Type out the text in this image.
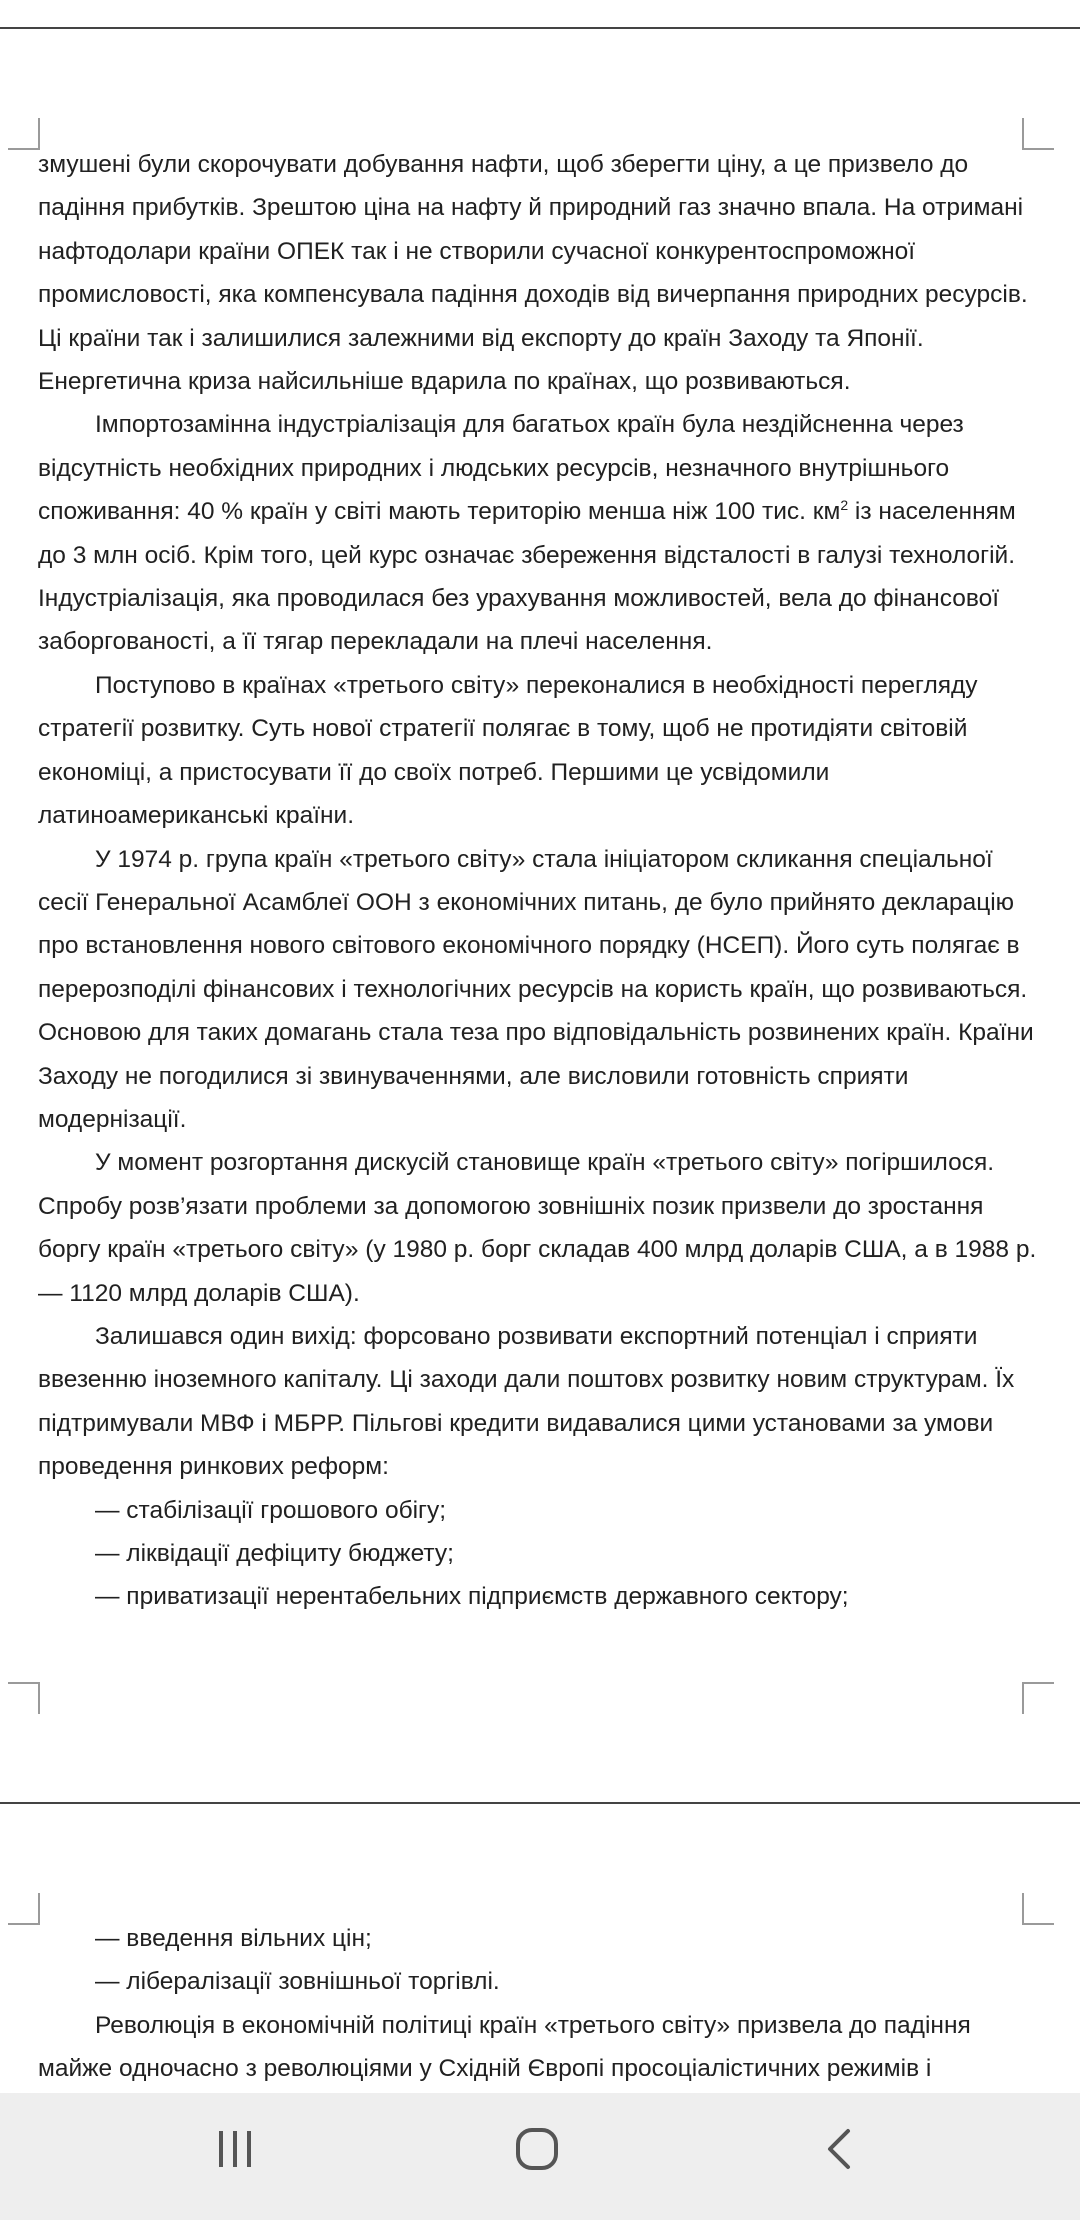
змушені були скорочувати добування нафти, щоб зберегти ціну, а це призвело до падіння прибутків. Зрештою ціна на нафту й природний газ значно впала. На отримані нафтодолари країни ОПЕК так і не створили сучасної конкурентоспроможної промисловості, яка компенсувала падіння доходів від вичерпання природних ресурсів. Ці країни так і залишилися залежними від експорту до країн Заходу та Японії. Енергетична криза найсильніше вдарила по країнах, що розвиваються.

Імпортозамінна індустріалізація для багатьох країн була нездійсненна через відсутність необхідних природних і людських ресурсів, незначного внутрішнього споживання: 40 % країн у світі мають територію менша ніж 100 тис. $км^2$ із населенням до 3 млн осіб. Крім того, цей курс означає збереження відсталості в галузі технологій. Індустріалізація, яка проводилася без урахування можливостей, вела до фінансової заборгованості, а її тягар перекладали на плечі населення.

Поступово в країнах «третього світу» переконалися в необхідності перегляду стратегії розвитку. Суть нової стратегії полягає в тому, щоб не протидіяти світовій економіці, а пристосувати її до своїх потреб. Першими це усвідомили латиноамериканські країни.

У 1974 р. група країн «третього світу» стала ініціатором скликання спеціальної сесії Генеральної Асамблеї ООН з економічних питань, де було прийнято декларацію про встановлення нового світового економічного порядку (НСЕП). Його суть полягає в перерозподілі фінансових і технологічних ресурсів на користь країн, що розвиваються. Основою для таких домагань стала теза про відповідальність розвинених країн. Країни Заходу не погодилися зі звинуваченнями, але висловили готовність сприяти модернізації.

У момент розгортання дискусій становище країн «третього світу» погіршилося. Спробу розв’язати проблеми за допомогою зовнішніх позик призвели до зростання боргу країн «третього світу» (у 1980 р. борг складав 400 млрд доларів США, а в 1988 р. — 1120 млрд доларів США).

Залишався один вихід: форсовано розвивати експортний потенціал і сприяти ввезенню іноземного капіталу. Ці заходи дали поштовх розвитку новим структурам. Їх підтримували МВФ і МБРР. Пільгові кредити видавалися цими установами за умови проведення ринкових реформ:

— стабілізації грошового обігу;

— ліквідації дефіциту бюджету;

— приватизації нерентабельних підприємств державного сектору;

— введення вільних цін;

— лібералізації зовнішньої торгівлі.

Революція в економічній політиці країн «третього світу» призвела до падіння майже одночасно з революціями у Східній Європі просоціалістичних режимів і
